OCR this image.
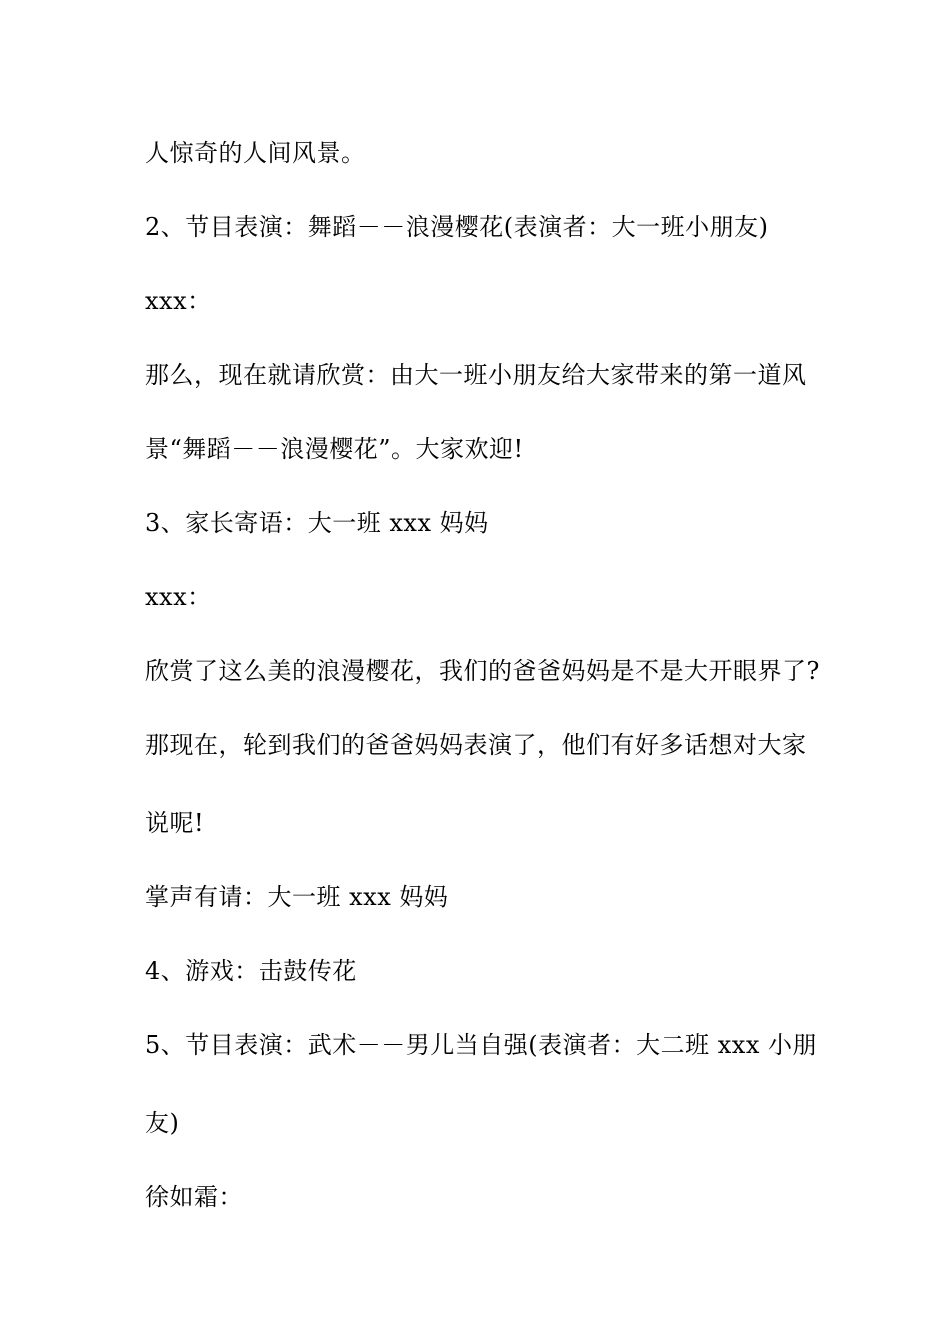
人惊奇的人间风景。
2、节目表演：舞蹈－－浪漫樱花(表演者：大一班小朋友)
xxx：
那么，现在就请欣赏：由大一班小朋友给大家带来的第一道风
景“舞蹈－－浪漫樱花”。大家欢迎!
3、家长寄语：大一班 xxx 妈妈
xxx：
欣赏了这么美的浪漫樱花，我们的爸爸妈妈是不是大开眼界了?
那现在，轮到我们的爸爸妈妈表演了，他们有好多话想对大家
说呢!
掌声有请：大一班 xxx 妈妈
4、游戏：击鼓传花
5、节目表演：武术－－男儿当自强(表演者：大二班 xxx 小朋
友)
徐如霜：
